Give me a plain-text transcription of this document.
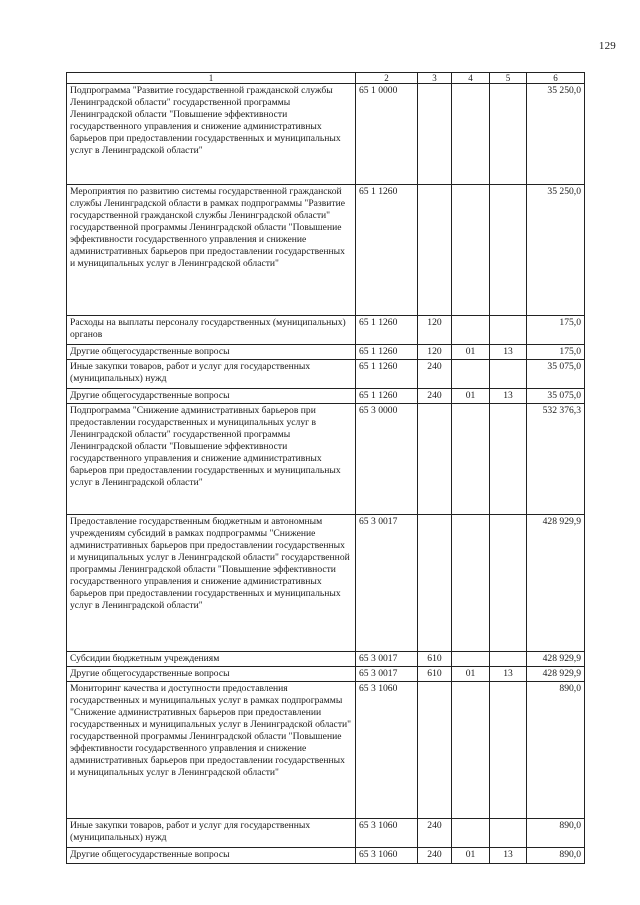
129
1	2	3	4	5	6
Подпрограмма "Развитие государственной гражданской службы Ленинградской области" государственной программы Ленинградской области "Повышение эффективности государственного управления и снижение административных барьеров при предоставлении государственных и муниципальных услуг в Ленинградской области"	65 1 0000				35 250,0
Мероприятия по развитию системы государственной гражданской службы Ленинградской области в рамках подпрограммы "Развитие государственной гражданской службы Ленинградской области" государственной программы Ленинградской области "Повышение эффективности государственного управления и снижение административных барьеров при предоставлении государственных и муниципальных услуг в Ленинградской области"	65 1 1260				35 250,0
Расходы на выплаты персоналу государственных (муниципальных) органов	65 1 1260	120			175,0
Другие общегосударственные вопросы	65 1 1260	120	01	13	175,0
Иные закупки товаров, работ и услуг для государственных (муниципальных) нужд	65 1 1260	240			35 075,0
Другие общегосударственные вопросы	65 1 1260	240	01	13	35 075,0
Подпрограмма "Снижение административных барьеров при предоставлении государственных и муниципальных услуг в Ленинградской области" государственной программы Ленинградской области "Повышение эффективности государственного управления и снижение административных барьеров при предоставлении государственных и муниципальных услуг в Ленинградской области"	65 3 0000				532 376,3
Предоставление государственным бюджетным и автономным учреждениям субсидий в рамках подпрограммы "Снижение административных барьеров при предоставлении государственных и муниципальных услуг в Ленинградской области" государственной программы Ленинградской области "Повышение эффективности государственного управления и снижение административных барьеров при предоставлении государственных и муниципальных услуг в Ленинградской области"	65 3 0017				428 929,9
Субсидии бюджетным учреждениям	65 3 0017	610			428 929,9
Другие общегосударственные вопросы	65 3 0017	610	01	13	428 929,9
Мониторинг качества и доступности предоставления государственных и муниципальных услуг в рамках подпрограммы "Снижение административных барьеров при предоставлении государственных и муниципальных услуг в Ленинградской области" государственной программы Ленинградской области "Повышение эффективности государственного управления и снижение административных барьеров при предоставлении государственных и муниципальных услуг в Ленинградской области"	65 3 1060				890,0
Иные закупки товаров, работ и услуг для государственных (муниципальных) нужд	65 3 1060	240			890,0
Другие общегосударственные вопросы	65 3 1060	240	01	13	890,0
